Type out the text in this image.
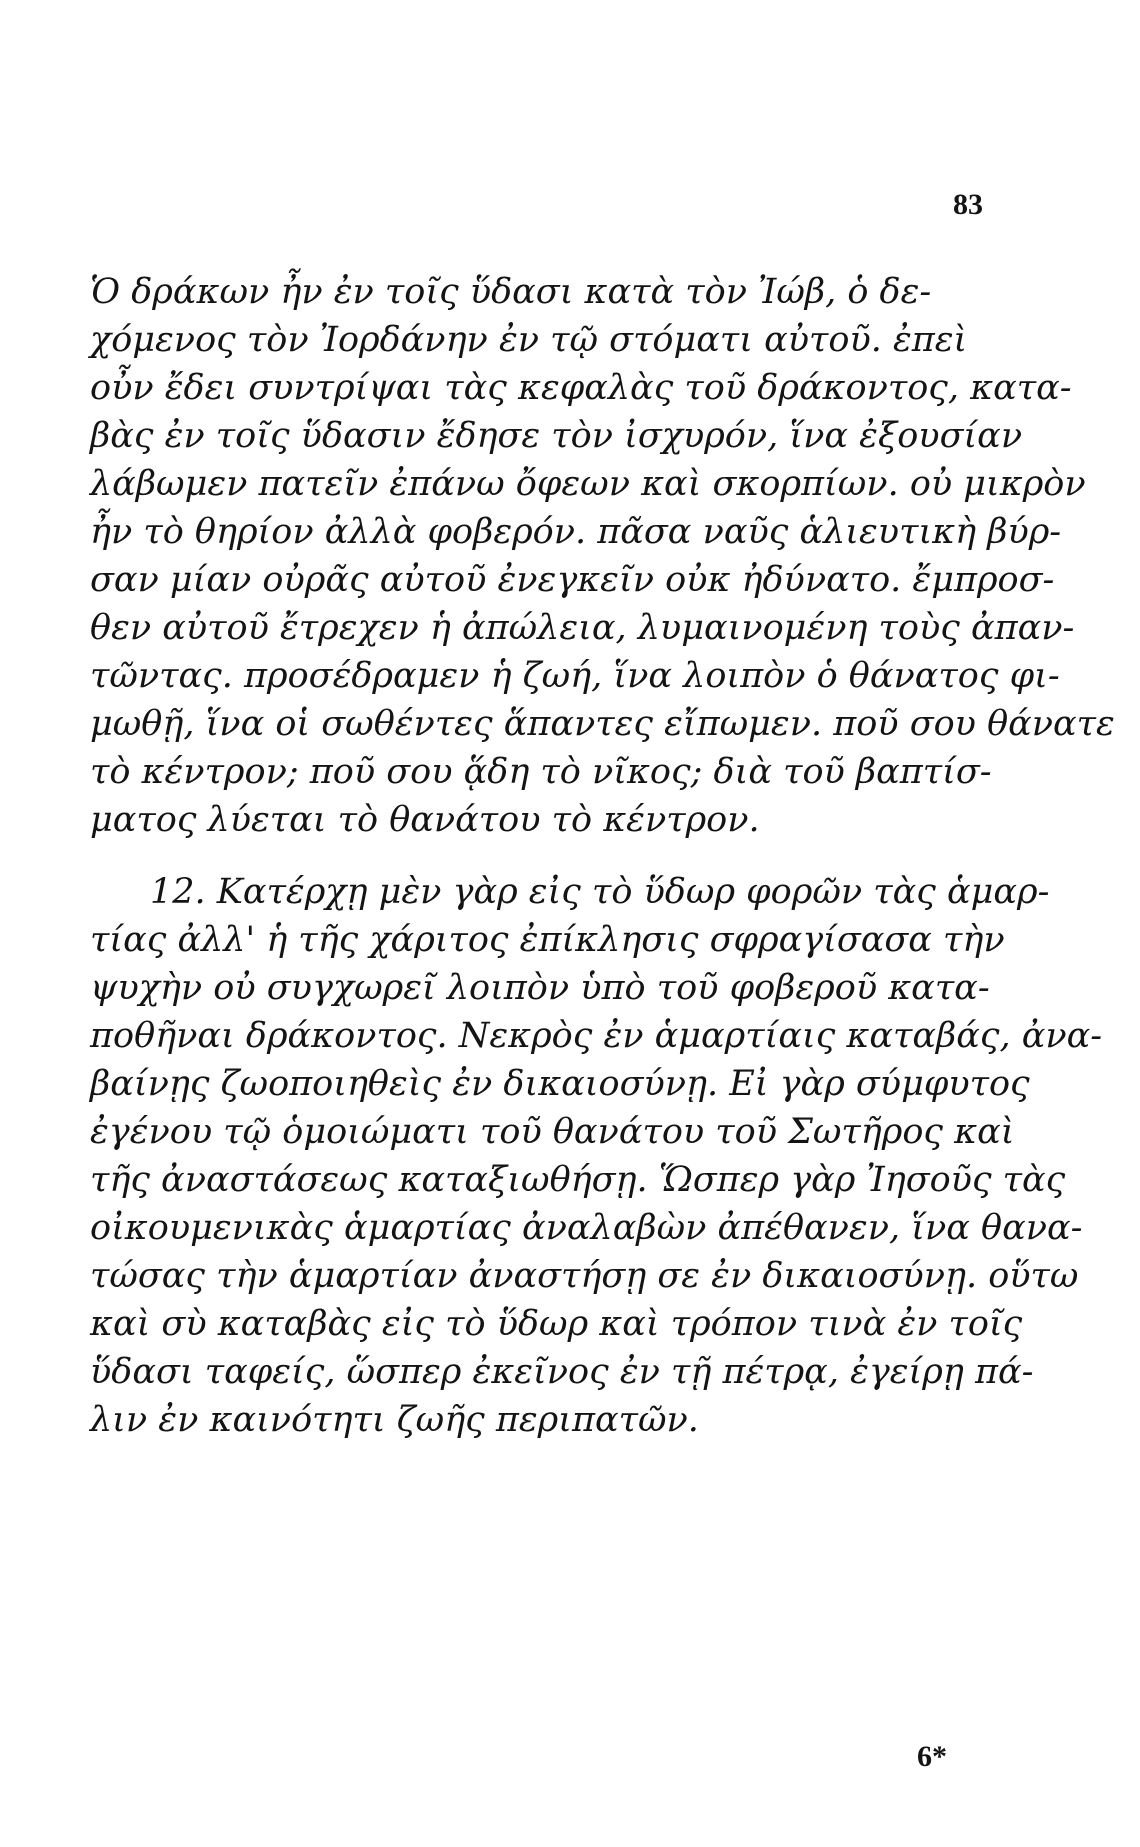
83
Ὁ δράκων ἦν ἐν τοῖς ὕδασι κατὰ τὸν Ἰώβ, ὁ δε-
χόμενος τὸν Ἰορδάνην ἐν τῷ στόματι αὐτοῦ. ἐπεὶ
οὖν ἔδει συντρίψαι τὰς κεφαλὰς τοῦ δράκοντος, κατα-
βὰς ἐν τοῖς ὕδασιν ἔδησε τὸν ἰσχυρόν, ἵνα ἐξουσίαν
λάβωμεν πατεῖν ἐπάνω ὄφεων καὶ σκορπίων. οὐ μικρὸν
ἦν τὸ θηρίον ἀλλὰ φοβερόν. πᾶσα ναῦς ἁλιευτικὴ βύρ-
σαν μίαν οὐρᾶς αὐτοῦ ἐνεγκεῖν οὐκ ἠδύνατο. ἔμπροσ-
θεν αὐτοῦ ἔτρεχεν ἡ ἀπώλεια, λυμαινομένη τοὺς ἀπαν-
τῶντας. προσέδραμεν ἡ ζωή, ἵνα λοιπὸν ὁ θάνατος φι-
μωθῇ, ἵνα οἱ σωθέντες ἅπαντες εἴπωμεν. ποῦ σου θάνατε
τὸ κέντρον; ποῦ σου ᾅδη τὸ νῖκος; διὰ τοῦ βαπτίσ-
ματος λύεται τὸ θανάτου τὸ κέντρον.
12. Κατέρχῃ μὲν γὰρ εἰς τὸ ὕδωρ φορῶν τὰς ἁμαρ-
τίας ἀλλ' ἡ τῆς χάριτος ἐπίκλησις σφραγίσασα τὴν
ψυχὴν οὐ συγχωρεῖ λοιπὸν ὑπὸ τοῦ φοβεροῦ κατα-
ποθῆναι δράκοντος. Νεκρὸς ἐν ἁμαρτίαις καταβάς, ἀνα-
βαίνῃς ζωοποιηθεὶς ἐν δικαιοσύνῃ. Εἰ γὰρ σύμφυτος
ἐγένου τῷ ὁμοιώματι τοῦ θανάτου τοῦ Σωτῆρος καὶ
τῆς ἀναστάσεως καταξιωθήσῃ. Ὥσπερ γὰρ Ἰησοῦς τὰς
οἰκουμενικὰς ἁμαρτίας ἀναλαβὼν ἀπέθανεν, ἵνα θανα-
τώσας τὴν ἁμαρτίαν ἀναστήσῃ σε ἐν δικαιοσύνῃ. οὕτω
καὶ σὺ καταβὰς εἰς τὸ ὕδωρ καὶ τρόπον τινὰ ἐν τοῖς
ὕδασι ταφείς, ὥσπερ ἐκεῖνος ἐν τῇ πέτρᾳ, ἐγείρῃ πά-
λιν ἐν καινότητι ζωῆς περιπατῶν.
6*
